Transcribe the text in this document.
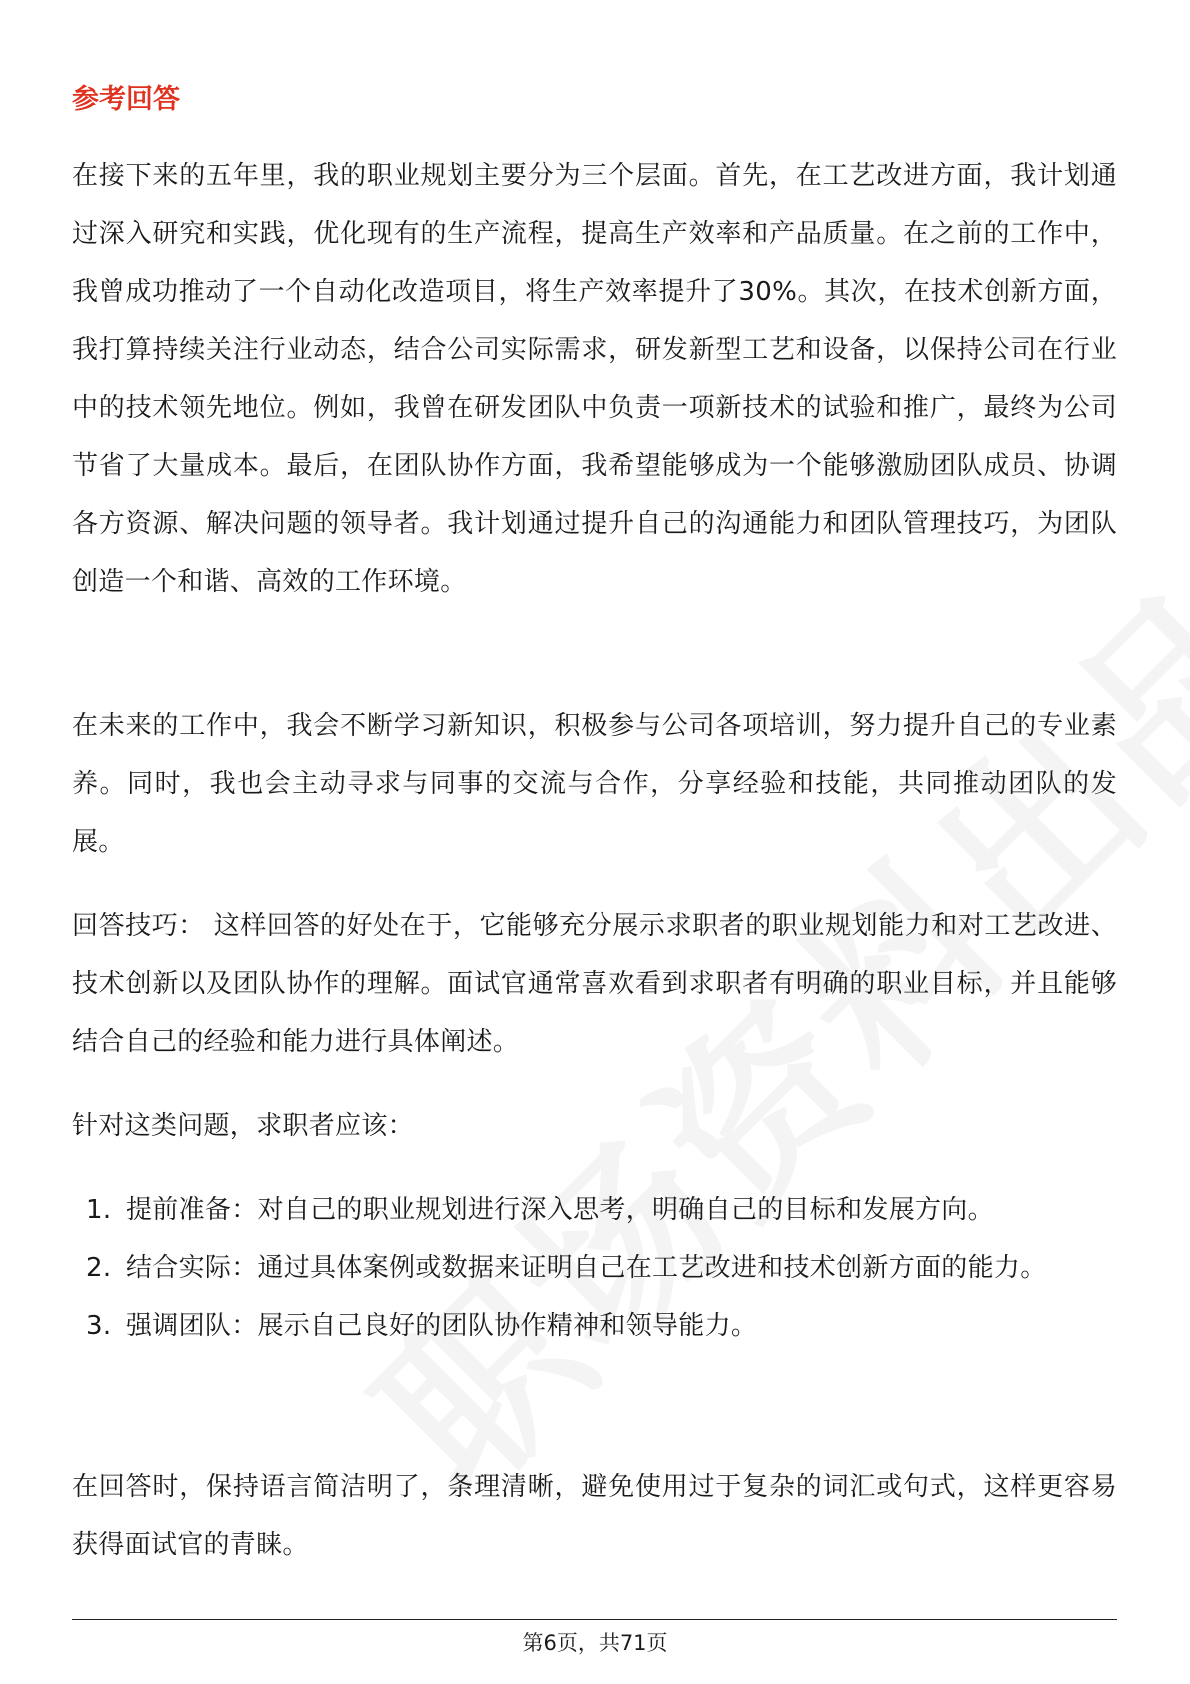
参考回答

在接下来的五年里，我的职业规划主要分为三个层面。首先，在工艺改进方面，我计划通过深入研究和实践，优化现有的生产流程，提高生产效率和产品质量。在之前的工作中，我曾成功推动了一个自动化改造项目，将生产效率提升了30%。其次，在技术创新方面，我打算持续关注行业动态，结合公司实际需求，研发新型工艺和设备，以保持公司在行业中的技术领先地位。例如，我曾在研发团队中负责一项新技术的试验和推广，最终为公司节省了大量成本。最后，在团队协作方面，我希望能够成为一个能够激励团队成员、协调各方资源、解决问题的领导者。我计划通过提升自己的沟通能力和团队管理技巧，为团队创造一个和谐、高效的工作环境。

在未来的工作中，我会不断学习新知识，积极参与公司各项培训，努力提升自己的专业素养。同时，我也会主动寻求与同事的交流与合作，分享经验和技能，共同推动团队的发展。

回答技巧： 这样回答的好处在于，它能够充分展示求职者的职业规划能力和对工艺改进、技术创新以及团队协作的理解。面试官通常喜欢看到求职者有明确的职业目标，并且能够结合自己的经验和能力进行具体阐述。

针对这类问题，求职者应该：

1. 提前准备：对自己的职业规划进行深入思考，明确自己的目标和发展方向。
2. 结合实际：通过具体案例或数据来证明自己在工艺改进和技术创新方面的能力。
3. 强调团队：展示自己良好的团队协作精神和领导能力。

在回答时，保持语言简洁明了，条理清晰，避免使用过于复杂的词汇或句式，这样更容易获得面试官的青睐。

第6页，共71页
